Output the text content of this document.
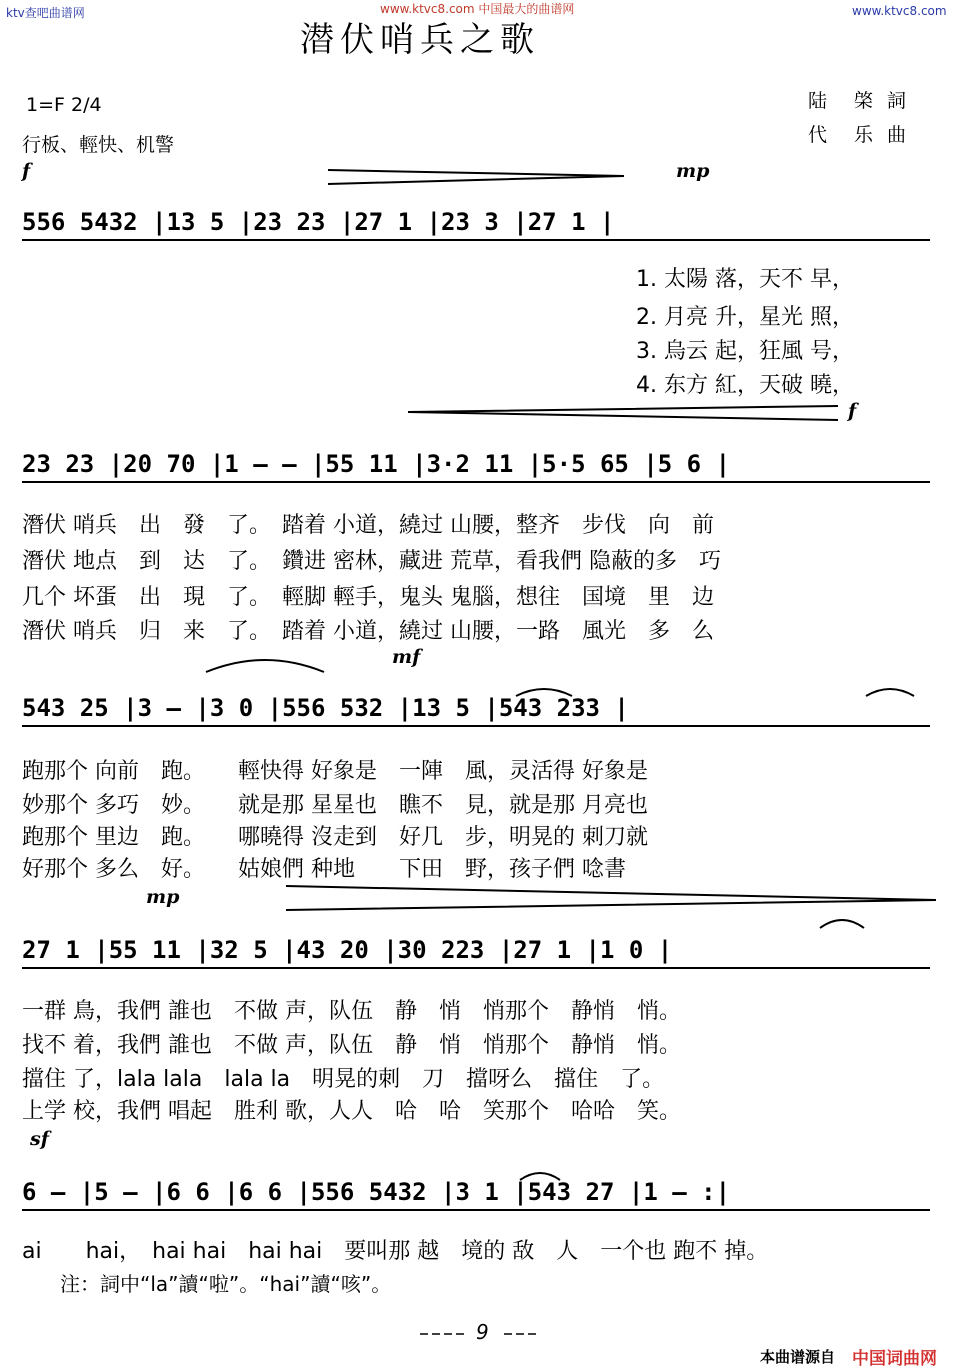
ktv查吧曲谱网	www.ktvc8.com 中国最大的曲谱网	www.ktvc8.com
潜伏哨兵之歌
1=F 2/4
行板、輕快、机警
陆　棨 詞
代　乐 曲
f	mp
f
mf
mp
sf
556 5432 |13 5 |23 23 |27 1 |23 3 |27 1 |
1. 太陽 落，天不 早，
2. 月亮 升，星光 照，
3. 烏云 起，狂風 号，
4. 东方 紅，天破 曉，
23 23 |20 70 |1 — — |55 11 |3·2 11 |5·5 65 |5 6 |
潛伏 哨兵　出　發　了。　踏着 小道，繞过 山腰，整齐　步伐　向　前
潛伏 地点　到　达　了。　鑽进 密林，藏进 荒草，看我們 隐蔽的多　巧
几个 坏蛋　出　現　了。　輕脚 輕手，鬼头 鬼腦，想往　国境　里　边
潛伏 哨兵　归　来　了。　踏着 小道，繞过 山腰，一路　風光　多　么
543 25 |3 — |3 0 |556 532 |13 5 |543 233 |
跑那个 向前　跑。　　輕快得 好象是　一陣　風，灵活得 好象是
妙那个 多巧　妙。　　就是那 星星也　瞧不　見，就是那 月亮也
跑那个 里边　跑。　　哪曉得 沒走到　好几　步，明晃的 刺刀就
好那个 多么　好。　　姑娘們 种地　　下田　野，孩子們 唸書
27 1 |55 11 |32 5 |43 20 |30 223 |27 1 |1 0 |
一群 鳥，我們 誰也　不做 声，队伍　静　悄　悄那个　静悄　悄。
找不 着，我們 誰也　不做 声，队伍　静　悄　悄那个　静悄　悄。
擋住 了，lala lala　lala la　明晃的刺　刀　擋呀么　擋住　了。
上学 校，我們 唱起　胜利 歌，人人　哈　哈　笑那个　哈哈　笑。
6 — |5 — |6 6 |6 6 |556 5432 |3 1 |543 27 |1 — :|
ai　　hai，　hai hai　hai hai　要叫那 越　境的 敌　人　一个也 跑不 掉。
注：詞中“la”讀“啦”。“hai”讀“咳”。
9
本曲谱源自 中国词曲网
